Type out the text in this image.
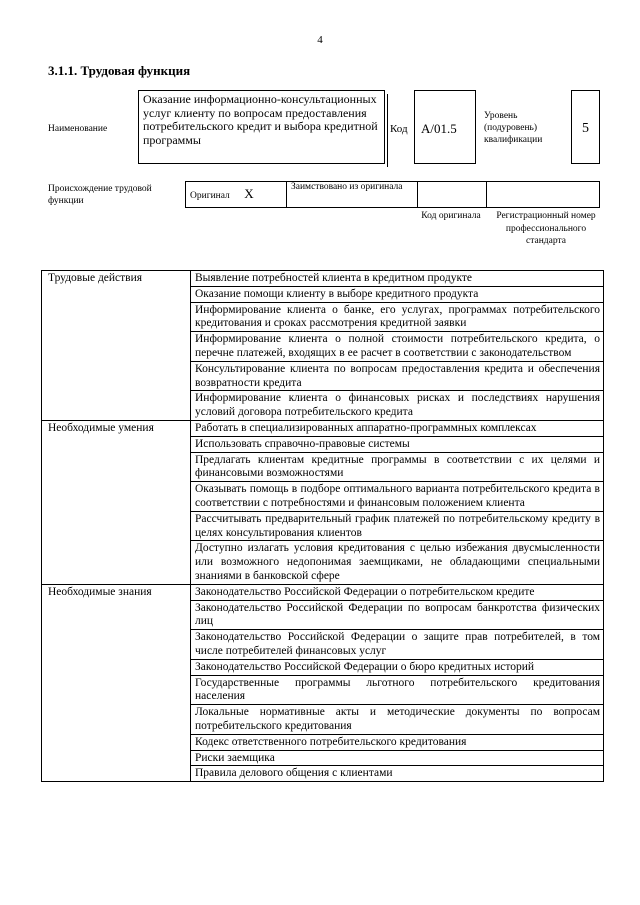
4
3.1.1. Трудовая функция
Наименование
Оказание информационно-консультационных услуг клиенту по вопросам предоставления потребительского кредит и выбора кредитной программы
Код	A/01.5
Уровень (подуровень) квалификации
5
Происхождение трудовой функции
Оригинал X	Заимствовано из оригинала		
Код оригинала	Регистрационный номер профессионального стандарта
Трудовые действия	Выявление потребностей клиента в кредитном продукте
	Оказание помощи клиенту в выборе кредитного продукта
	Информирование клиента о банке, его услугах, программах потребительского кредитования и сроках рассмотрения кредитной заявки
	Информирование клиента о полной стоимости потребительского кредита, о перечне платежей, входящих в ее расчет в соответствии с законодательством
	Консультирование клиента по вопросам предоставления кредита и обеспечения возвратности кредита
	Информирование клиента о финансовых рисках и последствиях нарушения условий договора потребительского кредита
Необходимые умения	Работать в специализированных аппаратно-программных комплексах
	Использовать справочно-правовые системы
	Предлагать клиентам кредитные программы в соответствии с их целями и финансовыми возможностями
	Оказывать помощь в подборе оптимального варианта потребительского кредита в соответствии с потребностями и финансовым положением клиента
	Рассчитывать предварительный график платежей по потребительскому кредиту в целях консультирования клиентов
	Доступно излагать условия кредитования с целью избежания двусмысленности или возможного недопонимая заемщиками, не обладающими специальными знаниями в банковской сфере
Необходимые знания	Законодательство Российской Федерации о потребительском кредите
	Законодательство Российской Федерации по вопросам банкротства физических лиц
	Законодательство Российской Федерации о защите прав потребителей, в том числе потребителей финансовых услуг
	Законодательство Российской Федерации о бюро кредитных историй
	Государственные программы льготного потребительского кредитования населения
	Локальные нормативные акты и методические документы по вопросам потребительского кредитования
	Кодекс ответственного потребительского кредитования
	Риски заемщика
	Правила делового общения с клиентами
